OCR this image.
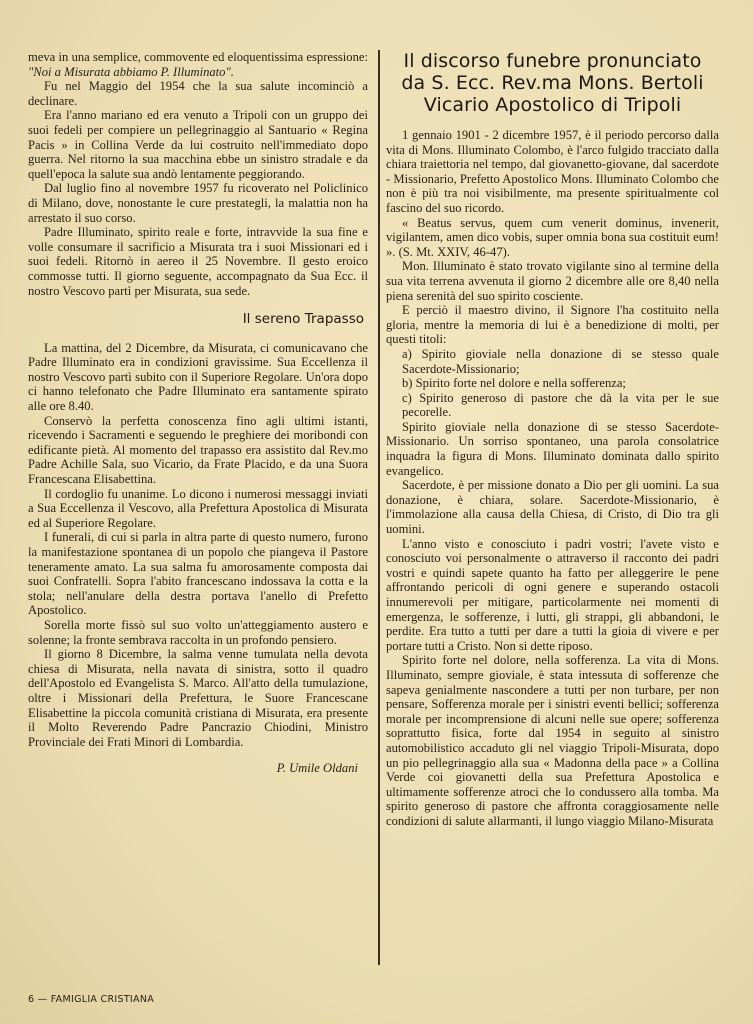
meva in una semplice, commovente ed eloquentissima espressione: "Noi a Misurata abbiamo P. Illuminato".

Fu nel Maggio del 1954 che la sua salute incominciò a declinare.

Era l'anno mariano ed era venuto a Tripoli con un gruppo dei suoi fedeli per compiere un pellegrinaggio al Santuario « Regina Pacis » in Collina Verde da lui costruito nell'immediato dopo guerra. Nel ritorno la sua macchina ebbe un sinistro stradale e da quell'epoca la salute sua andò lentamente peggiorando.

Dal luglio fino al novembre 1957 fu ricoverato nel Policlinico di Milano, dove, nonostante le cure prestategli, la malattia non ha arrestato il suo corso.

Padre Illuminato, spirito reale e forte, intravvide la sua fine e volle consumare il sacrificio a Misurata tra i suoi Missionari ed i suoi fedeli. Ritornò in aereo il 25 Novembre. Il gesto eroico commosse tutti. Il giorno seguente, accompagnato da Sua Ecc. il nostro Vescovo partì per Misurata, sua sede.

Il sereno Trapasso

La mattina, del 2 Dicembre, da Misurata, ci comunicavano che Padre Illuminato era in condizioni gravissime. Sua Eccellenza il nostro Vescovo partì subito con il Superiore Regolare. Un'ora dopo ci hanno telefonato che Padre Illuminato era santamente spirato alle ore 8.40.

Conservò la perfetta conoscenza fino agli ultimi istanti, ricevendo i Sacramenti e seguendo le preghiere dei moribondi con edificante pietà. Al momento del trapasso era assistito dal Rev.mo Padre Achille Sala, suo Vicario, da Frate Placido, e da una Suora Francescana Elisabettina.

Il cordoglio fu unanime. Lo dicono i numerosi messaggi inviati a Sua Eccellenza il Vescovo, alla Prefettura Apostolica di Misurata ed al Superiore Regolare.

I funerali, di cui si parla in altra parte di questo numero, furono la manifestazione spontanea di un popolo che piangeva il Pastore teneramente amato. La sua salma fu amorosamente composta dai suoi Confratelli. Sopra l'abito francescano indossava la cotta e la stola; nell'anulare della destra portava l'anello di Prefetto Apostolico.

Sorella morte fissò sul suo volto un'atteggiamento austero e solenne; la fronte sembrava raccolta in un profondo pensiero.

Il giorno 8 Dicembre, la salma venne tumulata nella devota chiesa di Misurata, nella navata di sinistra, sotto il quadro dell'Apostolo ed Evangelista S. Marco. All'atto della tumulazione, oltre i Missionari della Prefettura, le Suore Francescane Elisabettine la piccola comunità cristiana di Misurata, era presente il Molto Reverendo Padre Pancrazio Chiodini, Ministro Provinciale dei Frati Minori di Lombardia.

P. Umile Oldani
Il discorso funebre pronunciato
da S. Ecc. Rev.ma Mons. Bertoli
Vicario Apostolico di Tripoli

1 gennaio 1901 - 2 dicembre 1957, è il periodo percorso dalla vita di Mons. Illuminato Colombo, è l'arco fulgido tracciato dalla chiara traiettoria nel tempo, dal giovanetto-giovane, dal sacerdote - Missionario, Prefetto Apostolico Mons. Illuminato Colombo che non è più tra noi visibilmente, ma presente spiritualmente col fascino del suo ricordo.

« Beatus servus, quem cum venerit dominus, invenerit, vigilantem, amen dico vobis, super omnia bona sua costituit eum! ». (S. Mt. XXIV, 46-47).

Mon. Illuminato è stato trovato vigilante sino al termine della sua vita terrena avvenuta il giorno 2 dicembre alle ore 8,40 nella piena serenità del suo spirito cosciente.

E perciò il maestro divino, il Signore l'ha costituito nella gloria, mentre la memoria di lui è a benedizione di molti, per questi titoli:

a) Spirito gioviale nella donazione di se stesso quale Sacerdote-Missionario;

b) Spirito forte nel dolore e nella sofferenza;

c) Spirito generoso di pastore che dà la vita per le sue pecorelle.

Spirito gioviale nella donazione di se stesso Sacerdote-Missionario. Un sorriso spontaneo, una parola consolatrice inquadra la figura di Mons. Illuminato dominata dallo spirito evangelico.

Sacerdote, è per missione donato a Dio per gli uomini. La sua donazione, è chiara, solare. Sacerdote-Missionario, è l'immolazione alla causa della Chiesa, di Cristo, di Dio tra gli uomini.

L'anno visto e conosciuto i padri vostri; l'avete visto e conosciuto voi personalmente o attraverso il racconto dei padri vostri e quindi sapete quanto ha fatto per alleggerire le pene affrontando pericoli di ogni genere e superando ostacoli innumerevoli per mitigare, particolarmente nei momenti di emergenza, le sofferenze, i lutti, gli strappi, gli abbandoni, le perdite. Era tutto a tutti per dare a tutti la gioia di vivere e per portare tutti a Cristo. Non si dette riposo.

Spirito forte nel dolore, nella sofferenza. La vita di Mons. Illuminato, sempre gioviale, è stata intessuta di sofferenze che sapeva genialmente nascondere a tutti per non turbare, per non pensare, Sofferenza morale per i sinistri eventi bellici; sofferenza morale per incomprensione di alcuni nelle sue opere; sofferenza soprattutto fisica, forte dal 1954 in seguito al sinistro automobilistico accaduto gli nel viaggio Tripoli-Misurata, dopo un pio pellegrinaggio alla sua « Madonna della pace » a Collina Verde coi giovanetti della sua Prefettura Apostolica e ultimamente sofferenze atroci che lo condussero alla tomba. Ma spirito generoso di pastore che affronta coraggiosamente nelle condizioni di salute allarmanti, il lungo viaggio Milano-Misurata

6 — FAMIGLIA CRISTIANA
